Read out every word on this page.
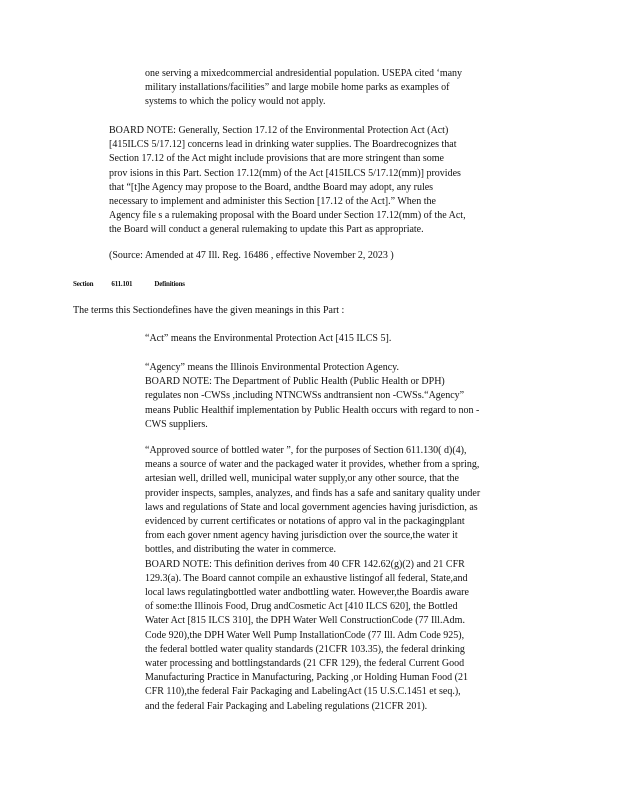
one serving a mixedcommercial andresidential population. USEPA cited ‘many
military installations/facilities” and large mobile home parks as examples of
systems to which the policy would not apply.
BOARD NOTE: Generally, Section 17.12 of the Environmental Protection Act (Act)
[415ILCS 5/17.12] concerns lead in drinking water supplies. The Boardrecognizes that
Section 17.12 of the Act might include provisions that are more stringent than some
prov isions in this Part. Section 17.12(mm) of the Act [415ILCS 5/17.12(mm)] provides
that “[t]he Agency may propose to the Board, andthe Board may adopt, any rules
necessary to implement and administer this Section [17.12 of the Act].” When the
Agency file s a rulemaking proposal with the Board under Section 17.12(mm) of the Act,
the Board will conduct a general rulemaking to update this Part as appropriate.
(Source: Amended at 47 Ill. Reg. 16486 , effective November 2, 2023 )
Section	611.101	Definitions
The terms this Sectiondefines have the given meanings in this Part :
“Act” means the Environmental Protection Act [415 ILCS 5].
“Agency” means the Illinois Environmental Protection Agency.
BOARD NOTE: The Department of Public Health (Public Health or DPH)
regulates non -CWSs ,including NTNCWSs andtransient non -CWSs.“Agency”
means Public Healthif implementation by Public Health occurs with regard to non -
CWS suppliers.
“Approved source of bottled water ”, for the purposes of Section 611.130( d)(4),
means a source of water and the packaged water it provides, whether from a spring,
artesian well, drilled well, municipal water supply,or any other source, that the
provider inspects, samples, analyzes, and finds has a safe and sanitary quality under
laws and regulations of State and local government agencies having jurisdiction, as
evidenced by current certificates or notations of appro val in the packagingplant
from each gover nment agency having jurisdiction over the source,the water it
bottles, and distributing the water in commerce.
BOARD NOTE: This definition derives from 40 CFR 142.62(g)(2) and 21 CFR
129.3(a). The Board cannot compile an exhaustive listingof all federal, State,and
local laws regulatingbottled water andbottling water. However,the Boardis aware
of some:the Illinois Food, Drug andCosmetic Act [410 ILCS 620], the Bottled
Water Act [815 ILCS 310], the DPH Water Well ConstructionCode (77 Ill.Adm.
Code 920),the DPH Water Well Pump InstallationCode (77 Ill. Adm Code 925),
the federal bottled water quality standards (21CFR 103.35), the federal drinking
water processing and bottlingstandards (21 CFR 129), the federal Current Good
Manufacturing Practice in Manufacturing, Packing ,or Holding Human Food (21
CFR 110),the federal Fair Packaging and LabelingAct (15 U.S.C.1451 et seq.),
and the federal Fair Packaging and Labeling regulations (21CFR 201).
